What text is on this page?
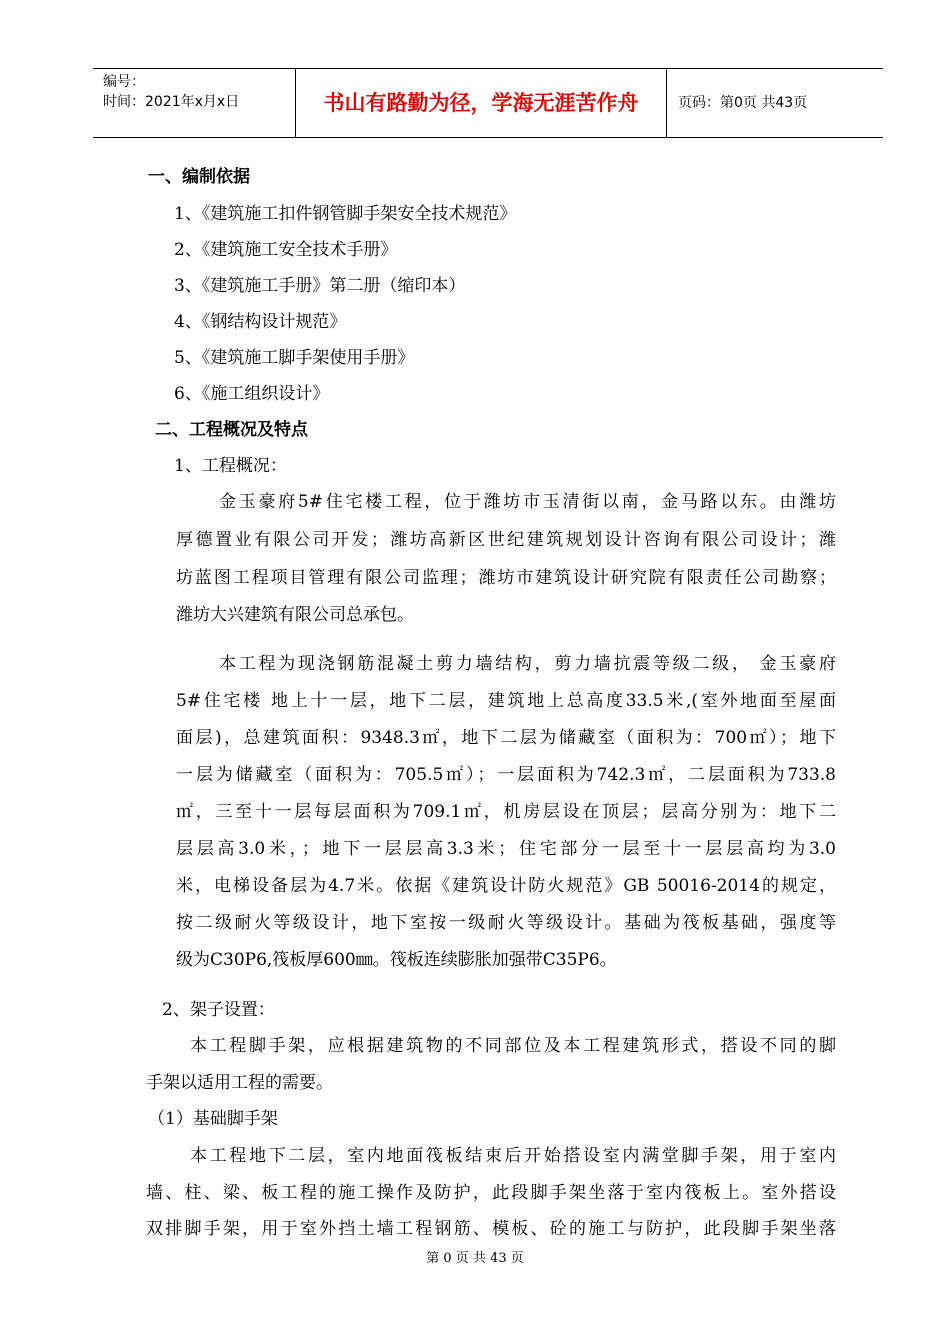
编号：
时间：2021年x月x日	书山有路勤为径，学海无涯苦作舟	页码：第0页 共43页
一、编制依据
1、《建筑施工扣件钢管脚手架安全技术规范》
2、《建筑施工安全技术手册》
3、《建筑施工手册》第二册（缩印本）
4、《钢结构设计规范》
5、《建筑施工脚手架使用手册》
6、《施工组织设计》
二、工程概况及特点
1、工程概况：
金玉豪府5#住宅楼工程，位于潍坊市玉清街以南，金马路以东。由潍坊
厚德置业有限公司开发；潍坊高新区世纪建筑规划设计咨询有限公司设计；潍
坊蓝图工程项目管理有限公司监理；潍坊市建筑设计研究院有限责任公司勘察；
潍坊大兴建筑有限公司总承包。
本工程为现浇钢筋混凝土剪力墙结构，剪力墙抗震等级二级， 金玉豪府
5#住宅楼 地上十一层，地下二层，建筑地上总高度33.5米,(室外地面至屋面
面层)，总建筑面积：9348.3㎡，地下二层为储藏室（面积为：700㎡）；地下
一层为储藏室（面积为：705.5㎡）；一层面积为742.3㎡，二层面积为733.8
㎡，三至十一层每层面积为709.1㎡，机房层设在顶层；层高分别为：地下二
层层高3.0米，；地下一层层高3.3米；住宅部分一层至十一层层高均为3.0
米，电梯设备层为4.7米。依据《建筑设计防火规范》GB 50016-2014的规定，
按二级耐火等级设计，地下室按一级耐火等级设计。基础为筏板基础，强度等
级为C30P6,筏板厚600㎜。筏板连续膨胀加强带C35P6。
2、架子设置：
本工程脚手架，应根据建筑物的不同部位及本工程建筑形式，搭设不同的脚
手架以适用工程的需要。
（1）基础脚手架
本工程地下二层，室内地面筏板结束后开始搭设室内满堂脚手架，用于室内
墙、柱、梁、板工程的施工操作及防护，此段脚手架坐落于室内筏板上。室外搭设
双排脚手架，用于室外挡土墙工程钢筋、模板、砼的施工与防护，此段脚手架坐落
第 0 页 共 43 页
